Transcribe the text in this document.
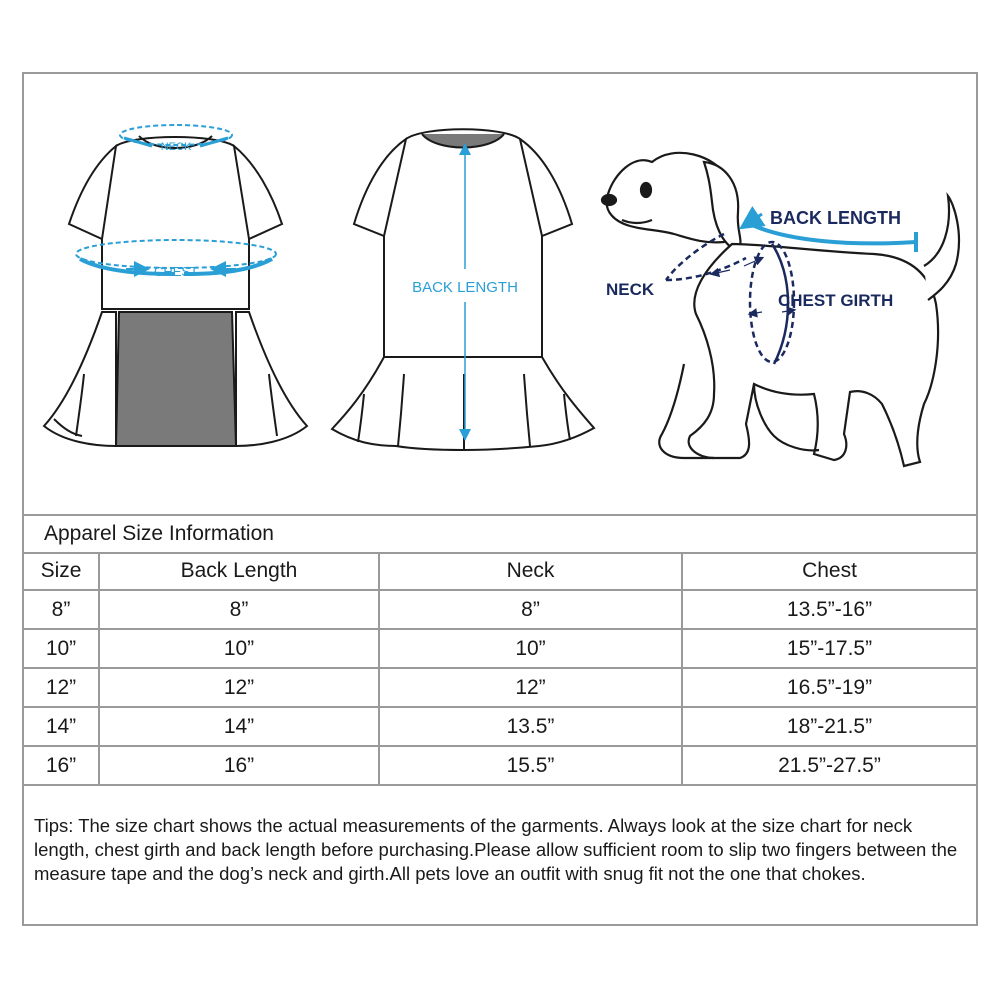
NECK
CHEST
BACK LENGTH
BACK LENGTH
NECK
CHEST GIRTH
Apparel Size Information
Size	Back Length	Neck	Chest
8”	8”	8”	13.5”-16”
10”	10”	10”	15”-17.5”
12”	12”	12”	16.5”-19”
14”	14”	13.5”	18”-21.5”
16”	16”	15.5”	21.5”-27.5”
Tips: The size chart shows the actual measurements of the garments. Always look at the size chart for neck length, chest girth and back length before purchasing.Please allow sufficient room to slip two fingers between the measure tape and the dog’s neck and girth.All pets love an outfit with snug fit not the one that chokes.
